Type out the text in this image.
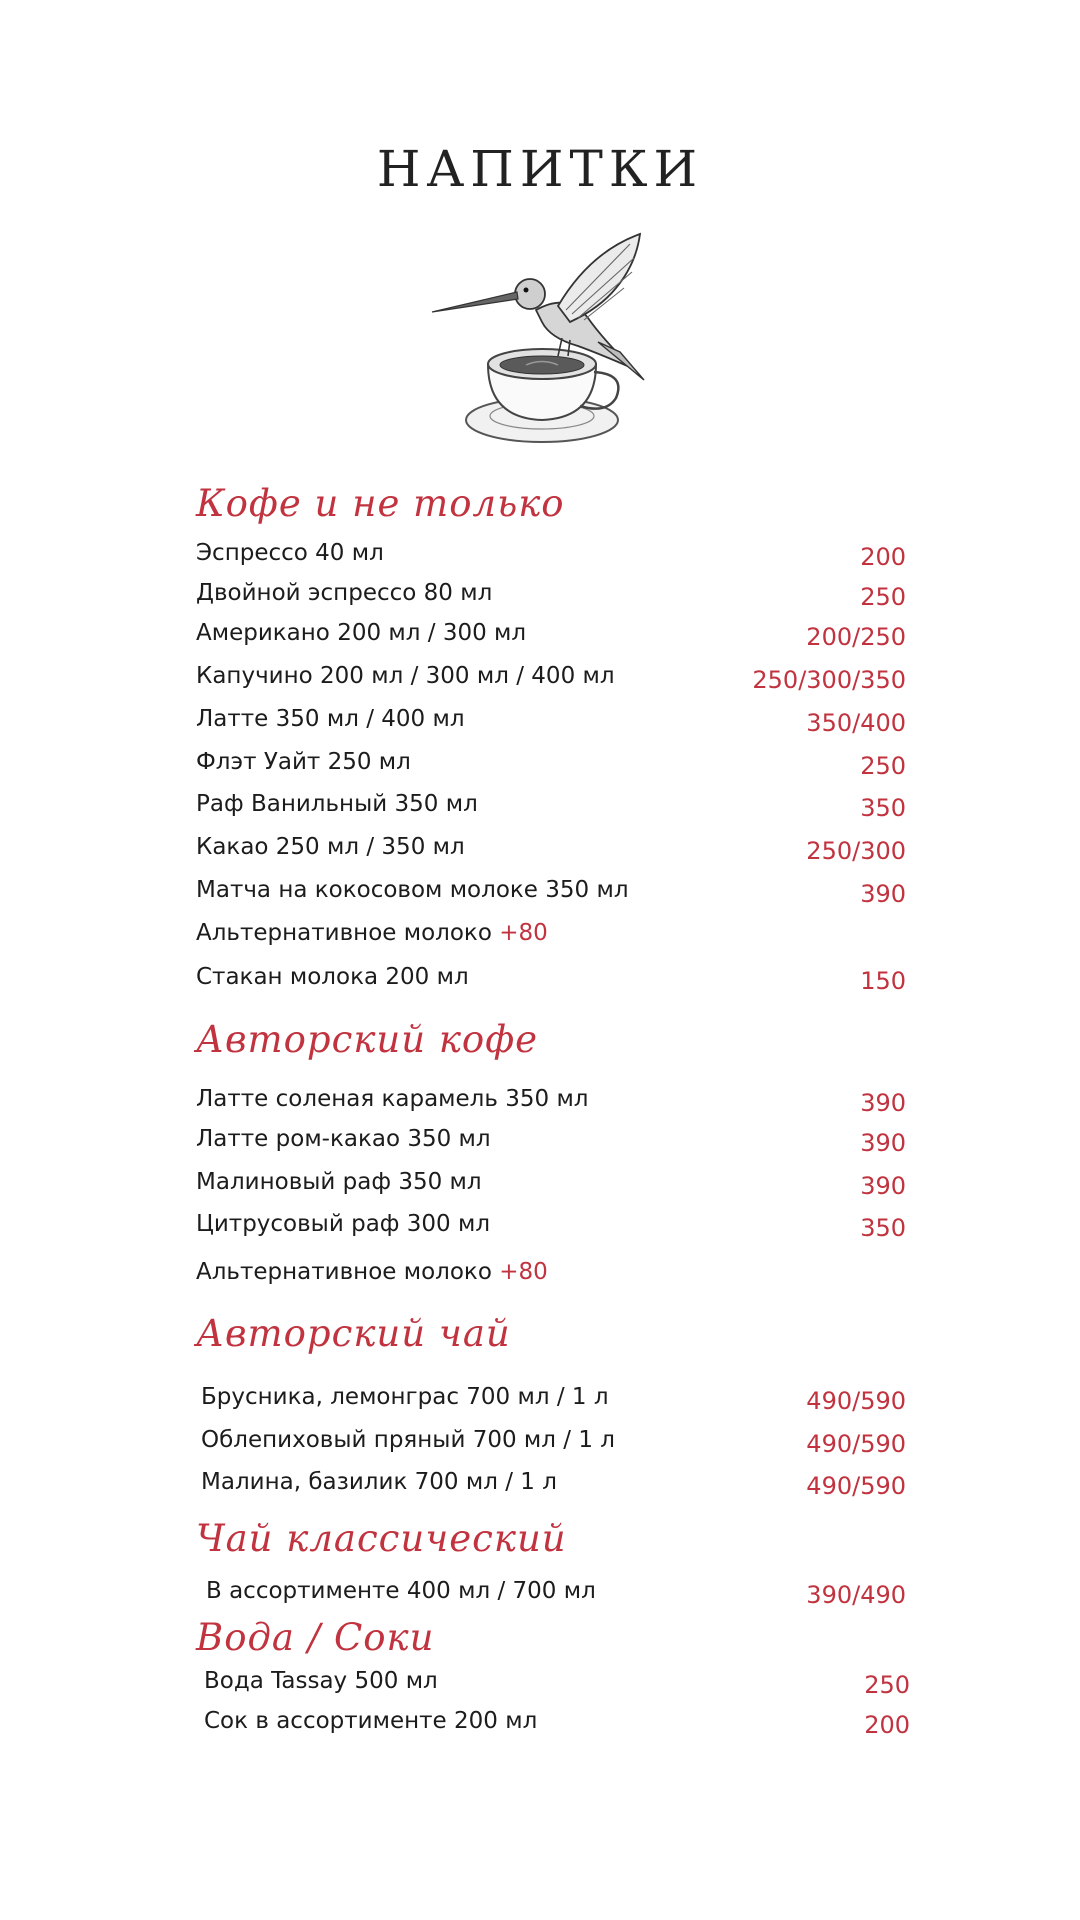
НАПИТКИ
Кофе и не только
Эспрессо 40 мл	200
Двойной эспрессо 80 мл	250
Американо 200 мл / 300 мл	200/250
Капучино 200 мл / 300 мл / 400 мл	250/300/350
Латте 350 мл / 400 мл	350/400
Флэт Уайт 250 мл	250
Раф Ванильный 350 мл	350
Какао 250 мл / 350 мл	250/300
Матча на кокосовом молоке 350 мл	390
Альтернативное молоко +80
Стакан молока 200 мл	150
Авторский кофе
Латте соленая карамель 350 мл	390
Латте ром-какао 350 мл	390
Малиновый раф 350 мл	390
Цитрусовый раф 300 мл	350
Альтернативное молоко +80
Авторский чай
Брусника, лемонграс 700 мл / 1 л	490/590
Облепиховый пряный 700 мл / 1 л	490/590
Малина, базилик 700 мл / 1 л	490/590
Чай классический
В ассортименте 400 мл / 700 мл	390/490
Вода / Соки
Вода Tassay 500 мл	250
Сок в ассортименте 200 мл	200
